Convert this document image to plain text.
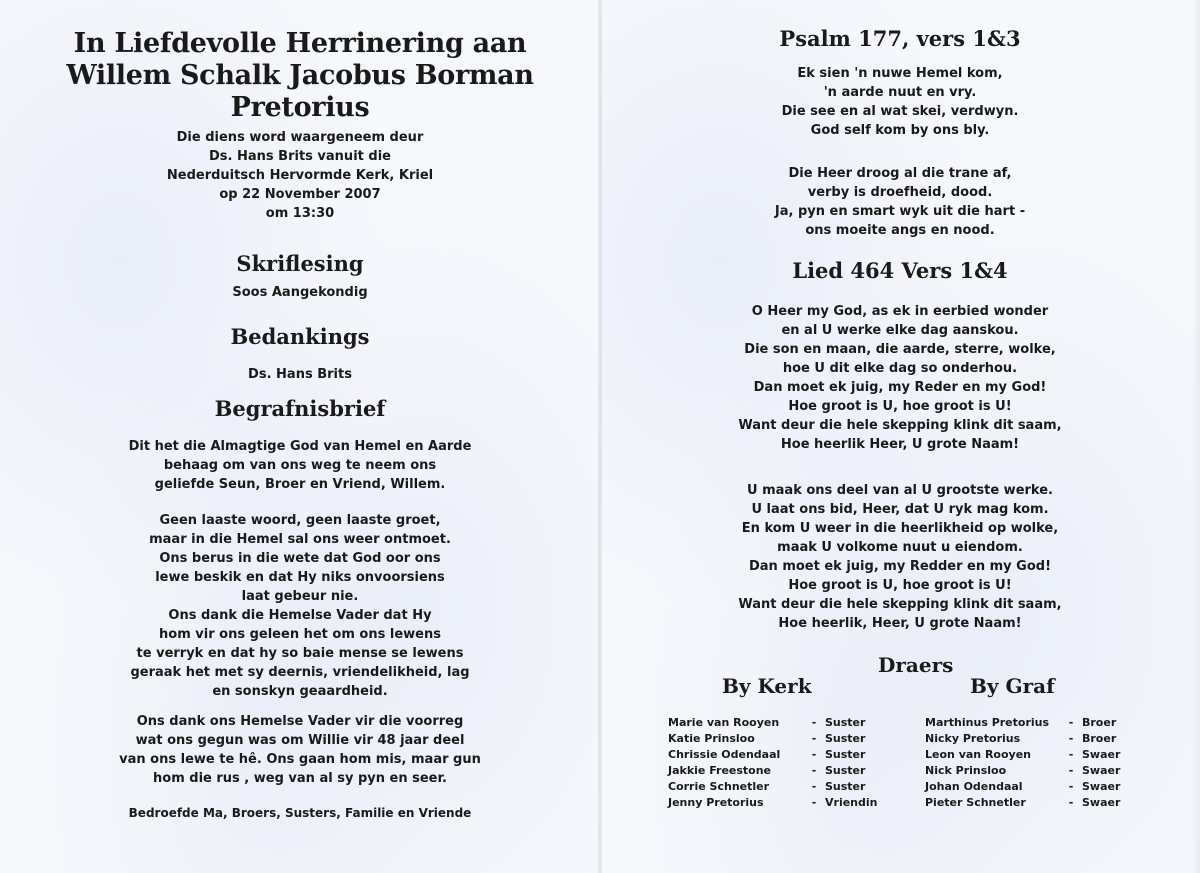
In Liefdevolle Herrinering aan
Willem Schalk Jacobus Borman Pretorius
Die diens word waargeneem deur
Ds. Hans Brits vanuit die
Nederduitsch Hervormde Kerk, Kriel
op 22 November 2007
om 13:30
Skriflesing
Soos Aangekondig
Bedankings
Ds. Hans Brits
Begrafnisbrief
Dit het die Almagtige God van Hemel en Aarde
behaag om van ons weg te neem ons
geliefde Seun, Broer en Vriend, Willem.
Geen laaste woord, geen laaste groet,
maar in die Hemel sal ons weer ontmoet.
Ons berus in die wete dat God oor ons
lewe beskik en dat Hy niks onvoorsiens
laat gebeur nie.
Ons dank die Hemelse Vader dat Hy
hom vir ons geleen het om ons lewens
te verryk en dat hy so baie mense se lewens
geraak het met sy deernis, vriendelikheid, lag
en sonskyn geaardheid.
Ons dank ons Hemelse Vader vir die voorreg
wat ons gegun was om Willie vir 48 jaar deel
van ons lewe te hê. Ons gaan hom mis, maar gun
hom die rus , weg van al sy pyn en seer.
Bedroefde Ma, Broers, Susters, Familie en Vriende
Psalm 177, vers 1&3
Ek sien 'n nuwe Hemel kom,
'n aarde nuut en vry.
Die see en al wat skei, verdwyn.
God self kom by ons bly.
Die Heer droog al die trane af,
verby is droefheid, dood.
Ja, pyn en smart wyk uit die hart -
ons moeite angs en nood.
Lied 464 Vers 1&4
O Heer my God, as ek in eerbied wonder
en al U werke elke dag aanskou.
Die son en maan, die aarde, sterre, wolke,
hoe U dit elke dag so onderhou.
Dan moet ek juig, my Reder en my God!
Hoe groot is U, hoe groot is U!
Want deur die hele skepping klink dit saam,
Hoe heerlik Heer, U grote Naam!
U maak ons deel van al U grootste werke.
U laat ons bid, Heer, dat U ryk mag kom.
En kom U weer in die heerlikheid op wolke,
maak U volkome nuut u eiendom.
Dan moet ek juig, my Redder en my God!
Hoe groot is U, hoe groot is U!
Want deur die hele skepping klink dit saam,
Hoe heerlik, Heer, U grote Naam!
Draers
By Kerk	By Graf
Marie van Rooyen	- Suster
Katie Prinsloo	- Suster
Chrissie Odendaal	- Suster
Jakkie Freestone	- Suster
Corrie Schnetler	- Suster
Jenny Pretorius	- Vriendin
Marthinus Pretorius	- Broer
Nicky Pretorius	- Broer
Leon van Rooyen	- Swaer
Nick Prinsloo	- Swaer
Johan Odendaal	- Swaer
Pieter Schnetler	- Swaer
